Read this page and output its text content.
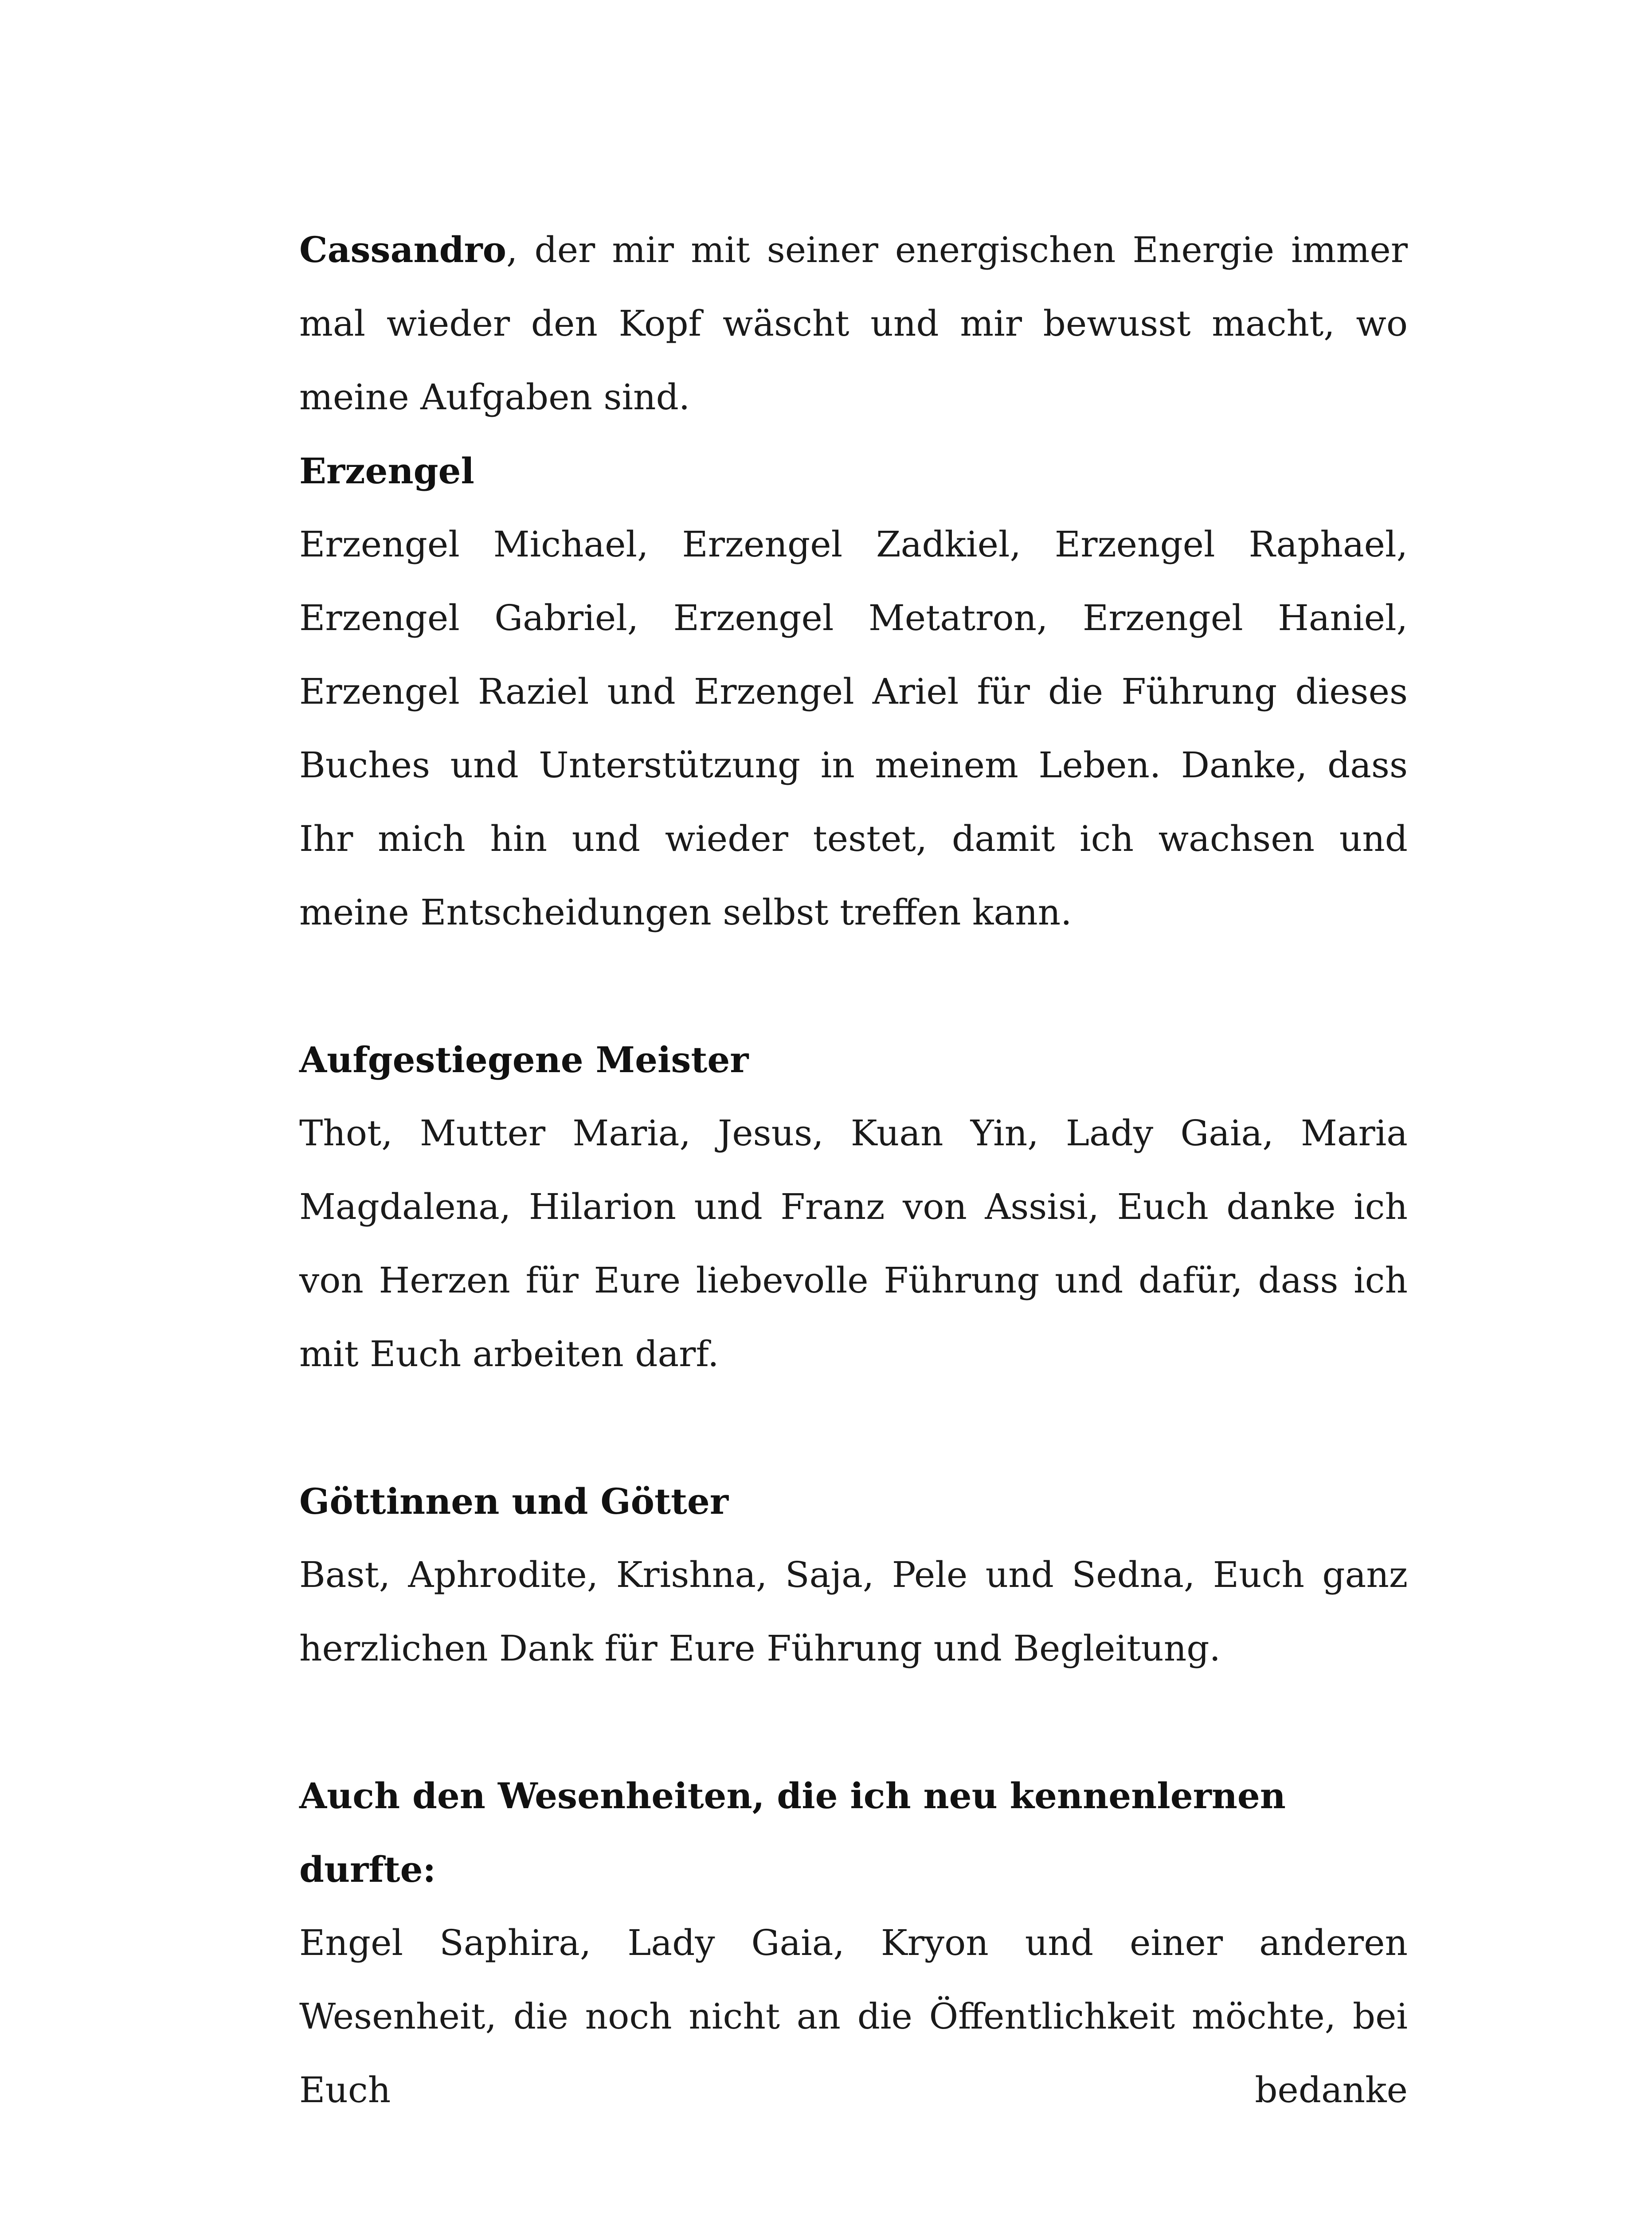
Cassandro, der mir mit seiner energischen Energie immer mal wieder den Kopf wäscht und mir bewusst macht, wo meine Aufgaben sind.

Erzengel

Erzengel Michael, Erzengel Zadkiel, Erzengel Raphael, Erzengel Gabriel, Erzengel Metatron, Erzengel Haniel, Erzengel Raziel und Erzengel Ariel für die Führung dieses Buches und Unterstützung in meinem Leben. Danke, dass Ihr mich hin und wieder testet, damit ich wachsen und meine Entscheidungen selbst treffen kann.

Aufgestiegene Meister

Thot, Mutter Maria, Jesus, Kuan Yin, Lady Gaia, Maria Magdalena, Hilarion und Franz von Assisi, Euch danke ich von Herzen für Eure liebevolle Führung und dafür, dass ich mit Euch arbeiten darf.

Göttinnen und Götter

Bast, Aphrodite, Krishna, Saja, Pele und Sedna, Euch ganz herzlichen Dank für Eure Führung und Begleitung.

Auch den Wesenheiten, die ich neu kennenlernen durfte:

Engel Saphira, Lady Gaia, Kryon und einer anderen Wesenheit, die noch nicht an die Öffentlichkeit möchte, bei Euch bedanke
